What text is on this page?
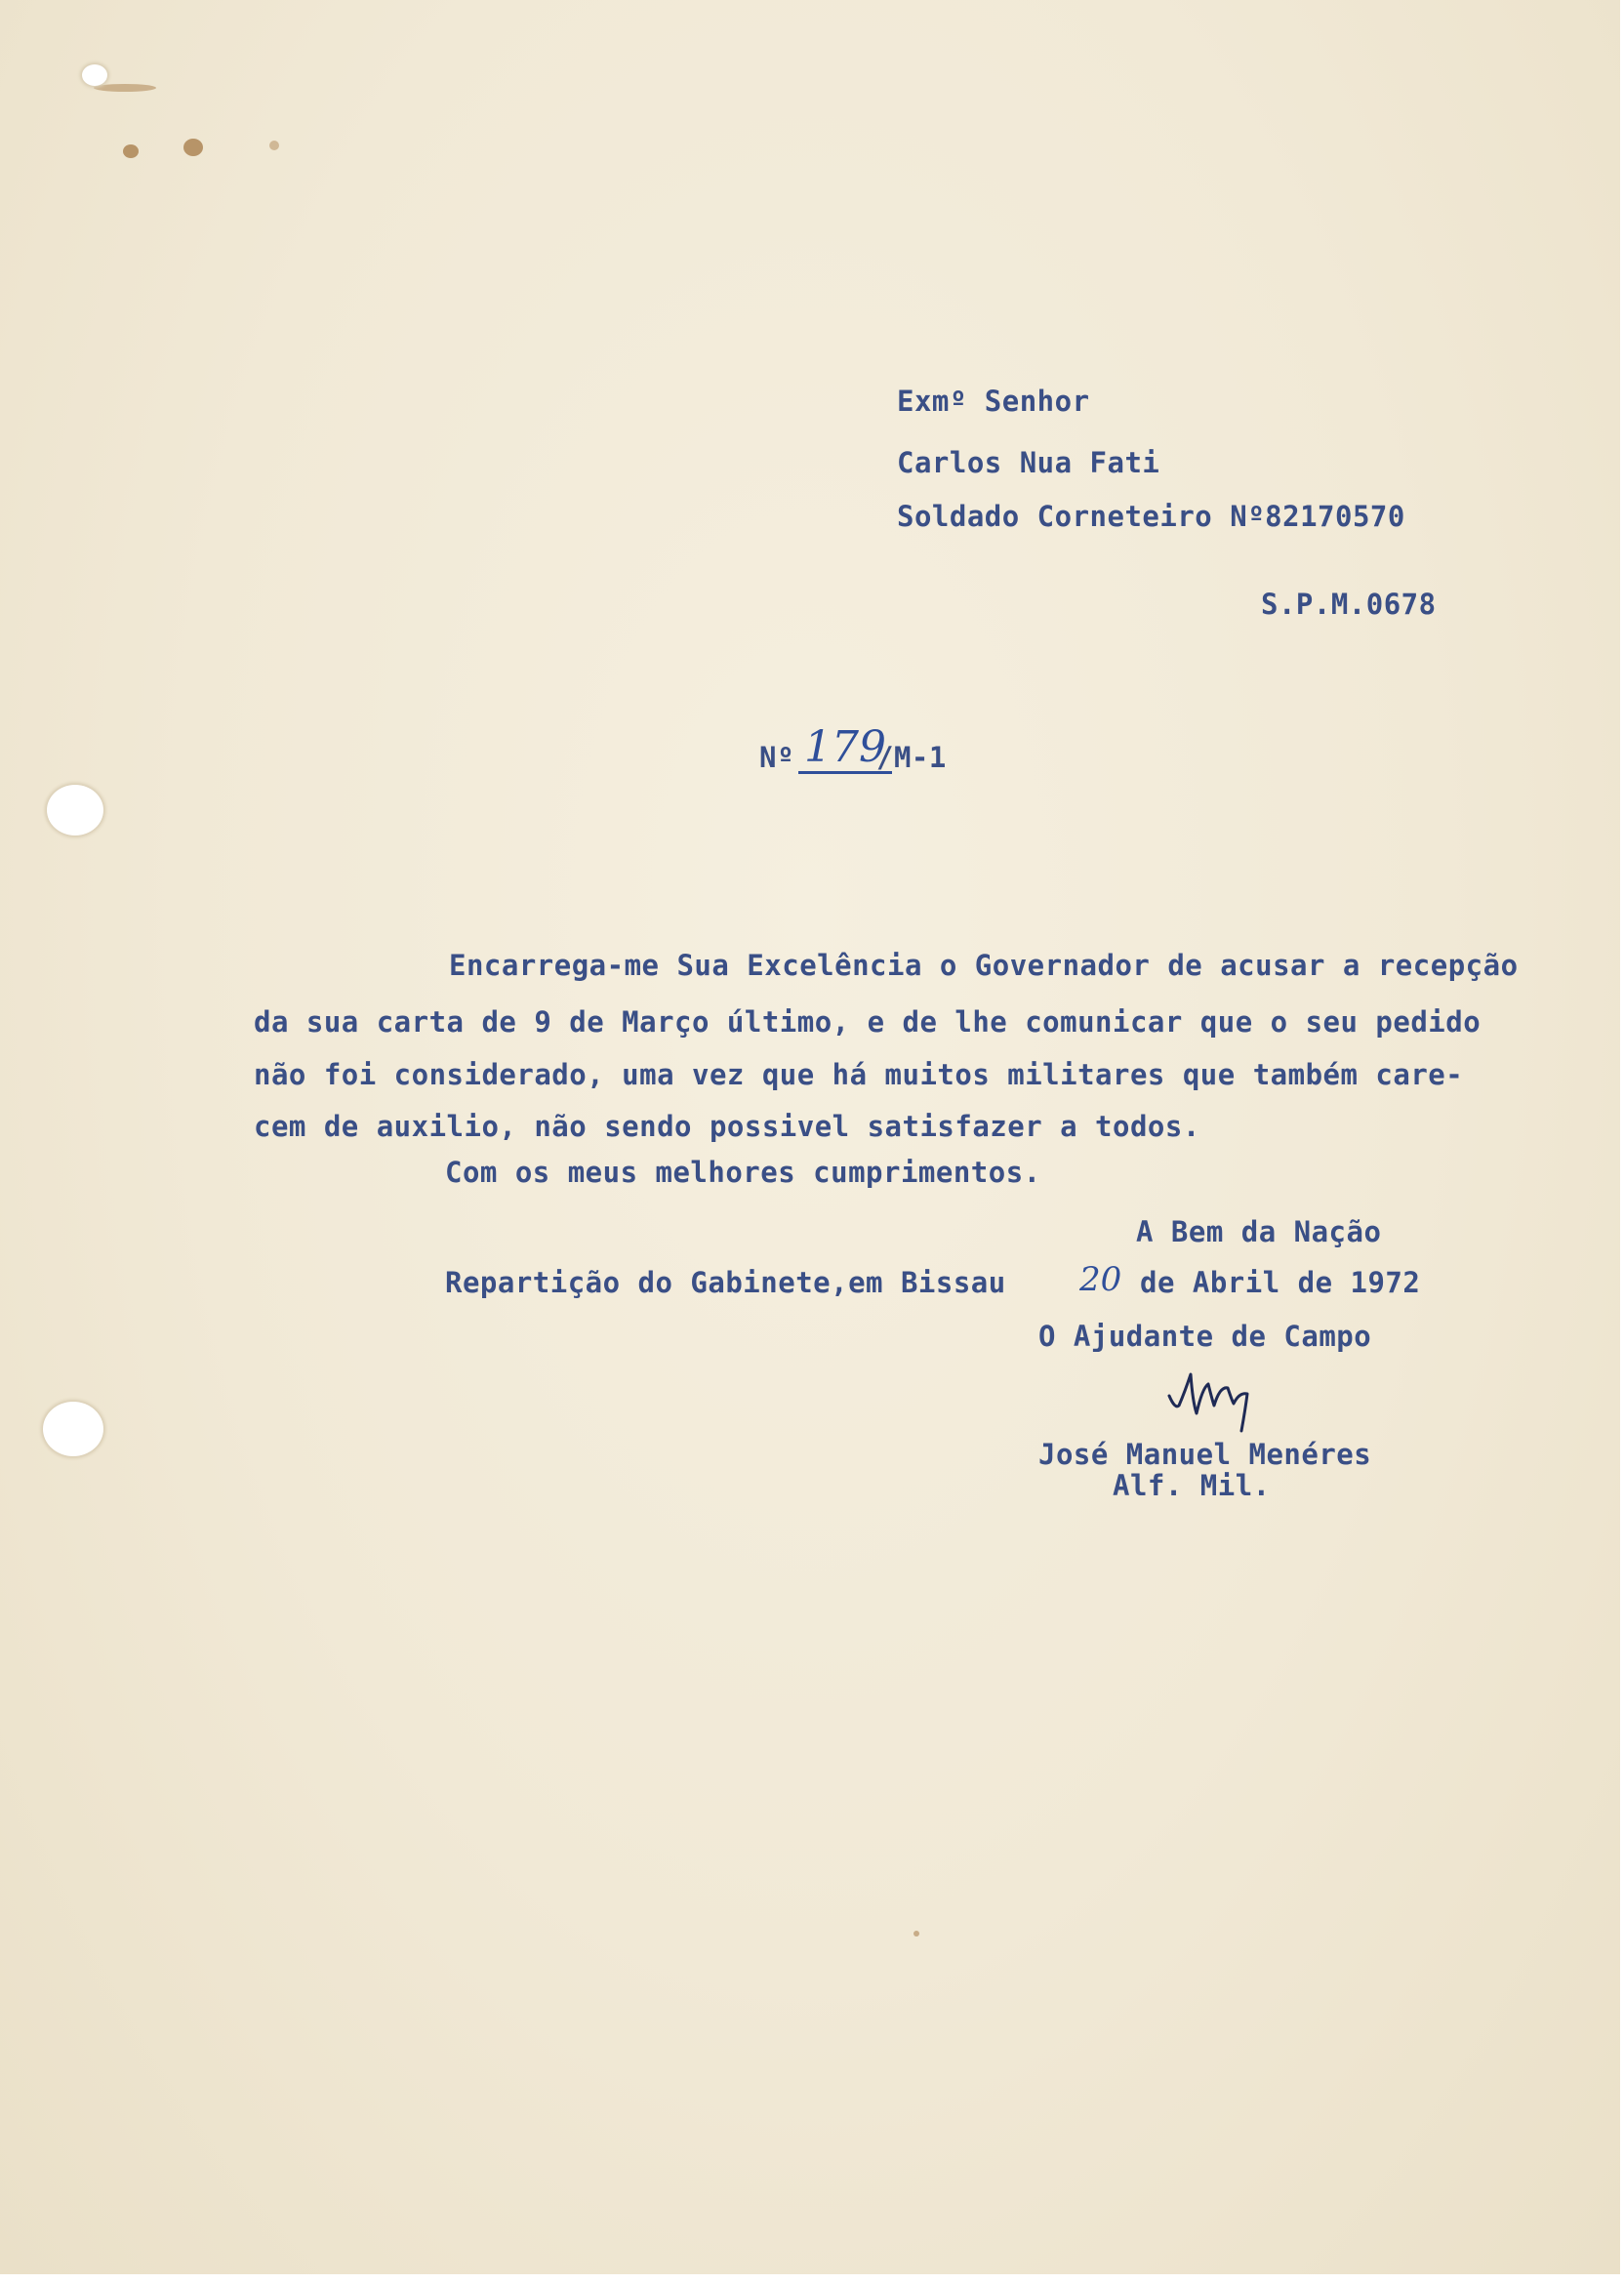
Exmº Senhor
Carlos Nua Fati
Soldado Corneteiro Nº82170570
S.P.M.0678
Nº 179
/M-1
Encarrega-me Sua Excelência o Governador de acusar a recepção
da sua carta de 9 de Março último, e de lhe comunicar que o seu pedido
não foi considerado, uma vez que há muitos militares que também care-
cem de auxilio, não sendo possivel satisfazer a todos.
Com os meus melhores cumprimentos.
A Bem da Nação
Repartição do Gabinete,em Bissau 20 de Abril de 1972
O Ajudante de Campo
José Manuel Menéres
Alf. Mil.
